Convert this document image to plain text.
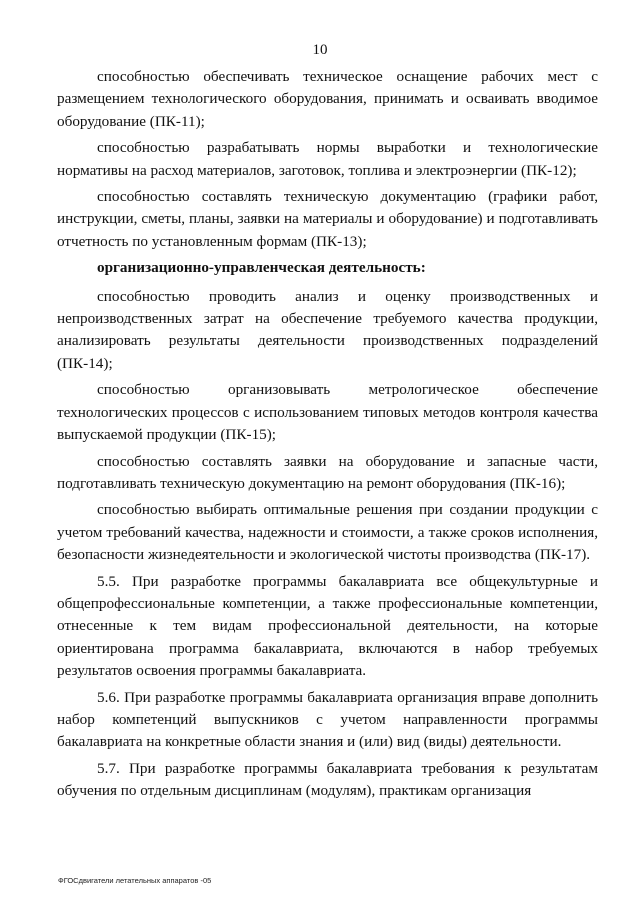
10

способностью обеспечивать техническое оснащение рабочих мест с размещением технологического оборудования, принимать и осваивать вводимое оборудование (ПК-11);

способностью разрабатывать нормы выработки и технологические нормативы на расход материалов, заготовок, топлива и электроэнергии (ПК-12);

способностью составлять техническую документацию (графики работ, инструкции, сметы, планы, заявки на материалы и оборудование) и подготавливать отчетность по установленным формам (ПК-13);

организационно-управленческая деятельность:

способностью проводить анализ и оценку производственных и непроизводственных затрат на обеспечение требуемого качества продукции, анализировать результаты деятельности производственных подразделений (ПК-14);

способностью организовывать метрологическое обеспечение технологических процессов с использованием типовых методов контроля качества выпускаемой продукции (ПК-15);

способностью составлять заявки на оборудование и запасные части, подготавливать техническую документацию на ремонт оборудования (ПК-16);

способностью выбирать оптимальные решения при создании продукции с учетом требований качества, надежности и стоимости, а также сроков исполнения, безопасности жизнедеятельности и экологической чистоты производства (ПК-17).

5.5. При разработке программы бакалавриата все общекультурные и общепрофессиональные компетенции, а также профессиональные компетенции, отнесенные к тем видам профессиональной деятельности, на которые ориентирована программа бакалавриата, включаются в набор требуемых результатов освоения программы бакалавриата.

5.6. При разработке программы бакалавриата организация вправе дополнить набор компетенций выпускников с учетом направленности программы бакалавриата на конкретные области знания и (или) вид (виды) деятельности.

5.7. При разработке программы бакалавриата требования к результатам обучения по отдельным дисциплинам (модулям), практикам организация

ФГОСдвигатели летательных аппаратов -05
